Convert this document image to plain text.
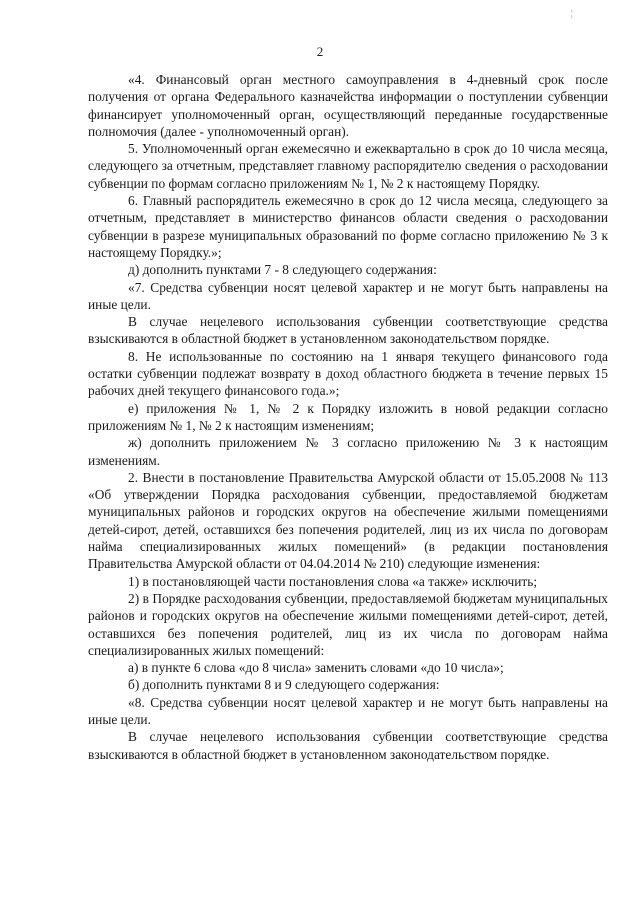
¦
2

«4. Финансовый орган местного самоуправления в 4-дневный срок после получения от органа Федерального казначейства информации о поступлении субвенции финансирует уполномоченный орган, осуществляющий переданные государственные полномочия (далее - уполномоченный орган).

5. Уполномоченный орган ежемесячно и ежеквартально в срок до 10 числа месяца, следующего за отчетным, представляет главному распорядителю сведения о расходовании субвенции по формам согласно приложениям № 1, № 2 к настоящему Порядку.

6. Главный распорядитель ежемесячно в срок до 12 числа месяца, следующего за отчетным, представляет в министерство финансов области сведения о расходовании субвенции в разрезе муниципальных образований по форме согласно приложению № 3 к настоящему Порядку.»;

д) дополнить пунктами 7 - 8 следующего содержания:

«7. Средства субвенции носят целевой характер и не могут быть направлены на иные цели.

В случае нецелевого использования субвенции соответствующие средства взыскиваются в областной бюджет в установленном законодательством порядке.

8. Не использованные по состоянию на 1 января текущего финансового года остатки субвенции подлежат возврату в доход областного бюджета в течение первых 15 рабочих дней текущего финансового года.»;

е) приложения № 1, № 2 к Порядку изложить в новой редакции согласно приложениям № 1, № 2 к настоящим изменениям;

ж) дополнить приложением № 3 согласно приложению № 3 к настоящим изменениям.

2. Внести в постановление Правительства Амурской области от 15.05.2008 № 113 «Об утверждении Порядка расходования субвенции, предоставляемой бюджетам муниципальных районов и городских округов на обеспечение жилыми помещениями детей-сирот, детей, оставшихся без попечения родителей, лиц из их числа по договорам найма специализированных жилых помещений» (в редакции постановления Правительства Амурской области от 04.04.2014 № 210) следующие изменения:

1) в постановляющей части постановления слова «а также» исключить;

2) в Порядке расходования субвенции, предоставляемой бюджетам муниципальных районов и городских округов на обеспечение жилыми помещениями детей-сирот, детей, оставшихся без попечения родителей, лиц из их числа по договорам найма специализированных жилых помещений:

а) в пункте 6 слова «до 8 числа» заменить словами «до 10 числа»;

б) дополнить пунктами 8 и 9 следующего содержания:

«8. Средства субвенции носят целевой характер и не могут быть направлены на иные цели.

В случае нецелевого использования субвенции соответствующие средства взыскиваются в областной бюджет в установленном законодательством порядке.
